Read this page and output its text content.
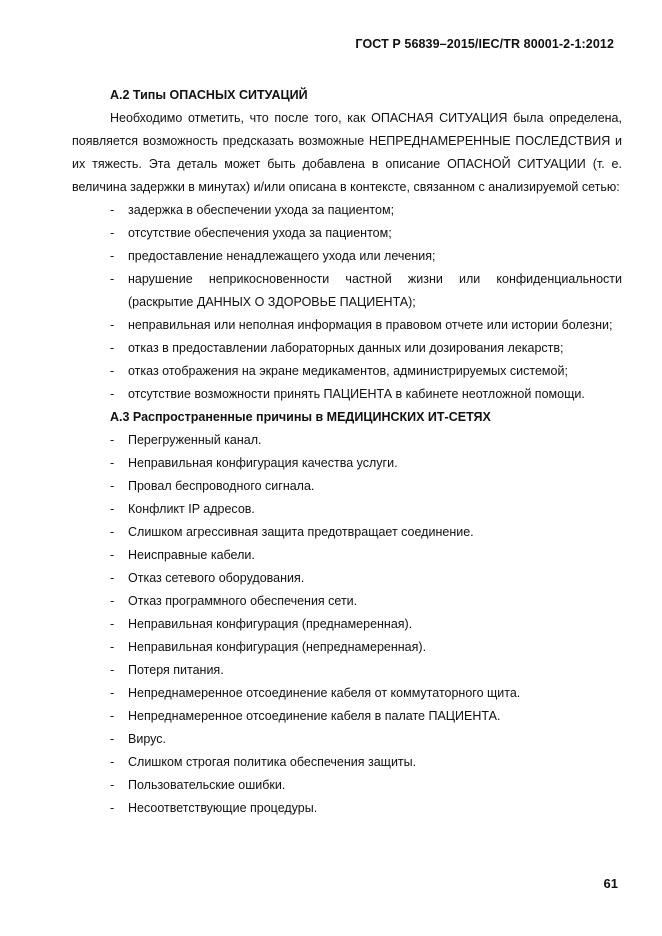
ГОСТ Р 56839–2015/IEC/TR 80001-2-1:2012
А.2 Типы ОПАСНЫХ СИТУАЦИЙ

Необходимо отметить, что после того, как ОПАСНАЯ СИТУАЦИЯ была определена, появляется возможность предсказать возможные НЕПРЕДНАМЕРЕННЫЕ ПОСЛЕДСТВИЯ и их тяжесть. Эта деталь может быть добавлена в описание ОПАСНОЙ СИТУАЦИИ (т. е. величина задержки в минутах) и/или описана в контексте, связанном с анализируемой сетью:

- задержка в обеспечении ухода за пациентом;
- отсутствие обеспечения ухода за пациентом;
- предоставление ненадлежащего ухода или лечения;
- нарушение неприкосновенности частной жизни или конфиденциальности (раскрытие ДАННЫХ О ЗДОРОВЬЕ ПАЦИЕНТА);
- неправильная или неполная информация в правовом отчете или истории болезни;
- отказ в предоставлении лабораторных данных или дозирования лекарств;
- отказ отображения на экране медикаментов, администрируемых системой;
- отсутствие возможности принять ПАЦИЕНТА в кабинете неотложной помощи.
А.3 Распространенные причины в МЕДИЦИНСКИХ ИТ-СЕТЯХ
- Перегруженный канал.
- Неправильная конфигурация качества услуги.
- Провал беспроводного сигнала.
- Конфликт IP адресов.
- Слишком агрессивная защита предотвращает соединение.
- Неисправные кабели.
- Отказ сетевого оборудования.
- Отказ программного обеспечения сети.
- Неправильная конфигурация (преднамеренная).
- Неправильная конфигурация (непреднамеренная).
- Потеря питания.
- Непреднамеренное отсоединение кабеля от коммутаторного щита.
- Непреднамеренное отсоединение кабеля в палате ПАЦИЕНТА.
- Вирус.
- Слишком строгая политика обеспечения защиты.
- Пользовательские ошибки.
- Несоответствующие процедуры.
61
